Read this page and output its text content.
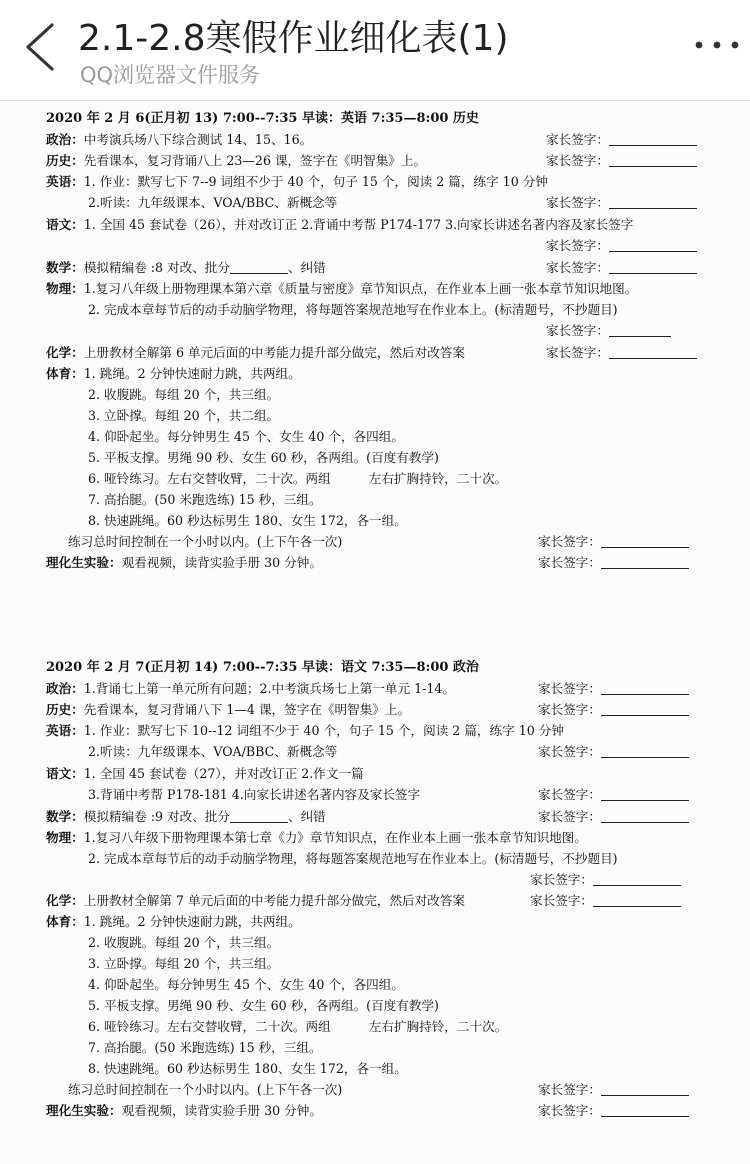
2.1-2.8寒假作业细化表(1)
QQ浏览器文件服务
2020 年 2 月 6(正月初 13) 7:00--7:35 早读：英语 7:35—8:00 历史
政治：中考演兵场八下综合测试 14、15、16。	家长签字：
历史：先看课本，复习背诵八上 23—26 课，签字在《明智集》上。	家长签字：
英语：1. 作业：默写七下 7--9 词组不少于 40 个，句子 15 个，阅读 2 篇，练字 10 分钟
2.听读：九年级课本、VOA/BBC、新概念等	家长签字：
语文：1. 全国 45 套试卷（26），并对改订正 2.背诵中考帮 P174-177 3.向家长讲述名著内容及家长签字
家长签字：
数学：模拟精编卷 :8 对改、批分	、纠错	家长签字：
物理：1.复习八年级上册物理课本第六章《质量与密度》章节知识点，在作业本上画一张本章节知识地图。
2. 完成本章每节后的动手动脑学物理，将每题答案规范地写在作业本上。(标清题号，不抄题目)
家长签字：
化学：上册教材全解第 6 单元后面的中考能力提升部分做完，然后对改答案	家长签字：
体育：1. 跳绳。2 分钟快速耐力跳，共两组。
2. 收腹跳。每组 20 个，共三组。
3. 立卧撑。每组 20 个，共二组。
4. 仰卧起坐。每分钟男生 45 个、女生 40 个，各四组。
5. 平板支撑。男绳 90 秒、女生 60 秒，各两组。(百度有教学)
6. 哑铃练习。左右交替收臂，二十次。两组	左右扩胸持铃，二十次。
7. 高抬腿。(50 米跑选练) 15 秒，三组。
8. 快速跳绳。60 秒达标男生 180、女生 172，各一组。
练习总时间控制在一个小时以内。(上下午各一次)	家长签字：
理化生实验：观看视频，读背实验手册 30 分钟。	家长签字：
2020 年 2 月 7(正月初 14) 7:00--7:35 早读：语文 7:35—8:00 政治
政治：1.背诵七上第一单元所有问题；2.中考演兵场七上第一单元 1-14。	家长签字：
历史：先看课本，复习背诵八下 1—4 课，签字在《明智集》上。	家长签字：
英语：1. 作业：默写七下 10--12 词组不少于 40 个，句子 15 个，阅读 2 篇，练字 10 分钟
2.听读：九年级课本、VOA/BBC、新概念等	家长签字：
语文：1. 全国 45 套试卷（27），并对改订正 2.作文一篇
3.背诵中考帮 P178-181 4.向家长讲述名著内容及家长签字	家长签字：
数学：模拟精编卷 :9 对改、批分	、纠错	家长签字：
物理：1.复习八年级下册物理课本第七章《力》章节知识点，在作业本上画一张本章节知识地图。
2. 完成本章每节后的动手动脑学物理，将每题答案规范地写在作业本上。(标清题号，不抄题目)
家长签字：
化学：上册教材全解第 7 单元后面的中考能力提升部分做完，然后对改答案	家长签字：
体育：1. 跳绳。2 分钟快速耐力跳，共两组。
2. 收腹跳。每组 20 个，共三组。
3. 立卧撑。每组 20 个，共三组。
4. 仰卧起坐。每分钟男生 45 个、女生 40 个，各四组。
5. 平板支撑。男绳 90 秒、女生 60 秒，各两组。(百度有教学)
6. 哑铃练习。左右交替收臂，二十次。两组	左右扩胸持铃，二十次。
7. 高抬腿。(50 米跑选练) 15 秒，三组。
8. 快速跳绳。60 秒达标男生 180、女生 172，各一组。
练习总时间控制在一个小时以内。(上下午各一次)	家长签字：
理化生实验：观看视频，读背实验手册 30 分钟。	家长签字：
